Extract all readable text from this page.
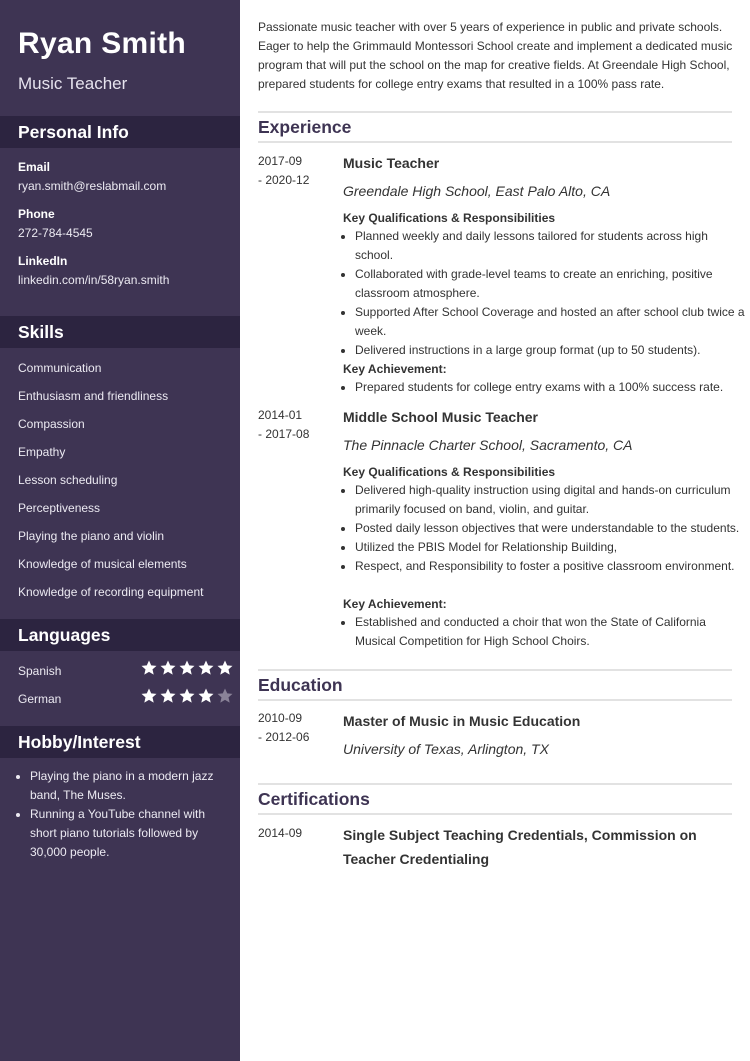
Ryan Smith
Music Teacher
Personal Info
Email
ryan.smith@reslabmail.com
Phone
272-784-4545
LinkedIn
linkedin.com/in/58ryan.smith
Skills
Communication
Enthusiasm and friendliness
Compassion
Empathy
Lesson scheduling
Perceptiveness
Playing the piano and violin
Knowledge of musical elements
Knowledge of recording equipment
Languages
Spanish
German
Hobby/Interest
• Playing the piano in a modern jazz band, The Muses.
• Running a YouTube channel with short piano tutorials followed by 30,000 people.
Passionate music teacher with over 5 years of experience in public and private schools. Eager to help the Grimmauld Montessori School create and implement a dedicated music program that will put the school on the map for creative fields. At Greendale High School, prepared students for college entry exams that resulted in a 100% pass rate.
Experience
2017-09
- 2020-12
Music Teacher
Greendale High School, East Palo Alto, CA
Key Qualifications & Responsibilities
• Planned weekly and daily lessons tailored for students across high school.
• Collaborated with grade-level teams to create an enriching, positive classroom atmosphere.
• Supported After School Coverage and hosted an after school club twice a week.
• Delivered instructions in a large group format (up to 50 students).
Key Achievement:
• Prepared students for college entry exams with a 100% success rate.
2014-01
- 2017-08
Middle School Music Teacher
The Pinnacle Charter School, Sacramento, CA
Key Qualifications & Responsibilities
• Delivered high-quality instruction using digital and hands-on curriculum primarily focused on band, violin, and guitar.
• Posted daily lesson objectives that were understandable to the students.
• Utilized the PBIS Model for Relationship Building,
• Respect, and Responsibility to foster a positive classroom environment.
Key Achievement:
• Established and conducted a choir that won the State of California Musical Competition for High School Choirs.
Education
2010-09
- 2012-06
Master of Music in Music Education
University of Texas, Arlington, TX
Certifications
2014-09	Single Subject Teaching Credentials, Commission on Teacher Credentialing
